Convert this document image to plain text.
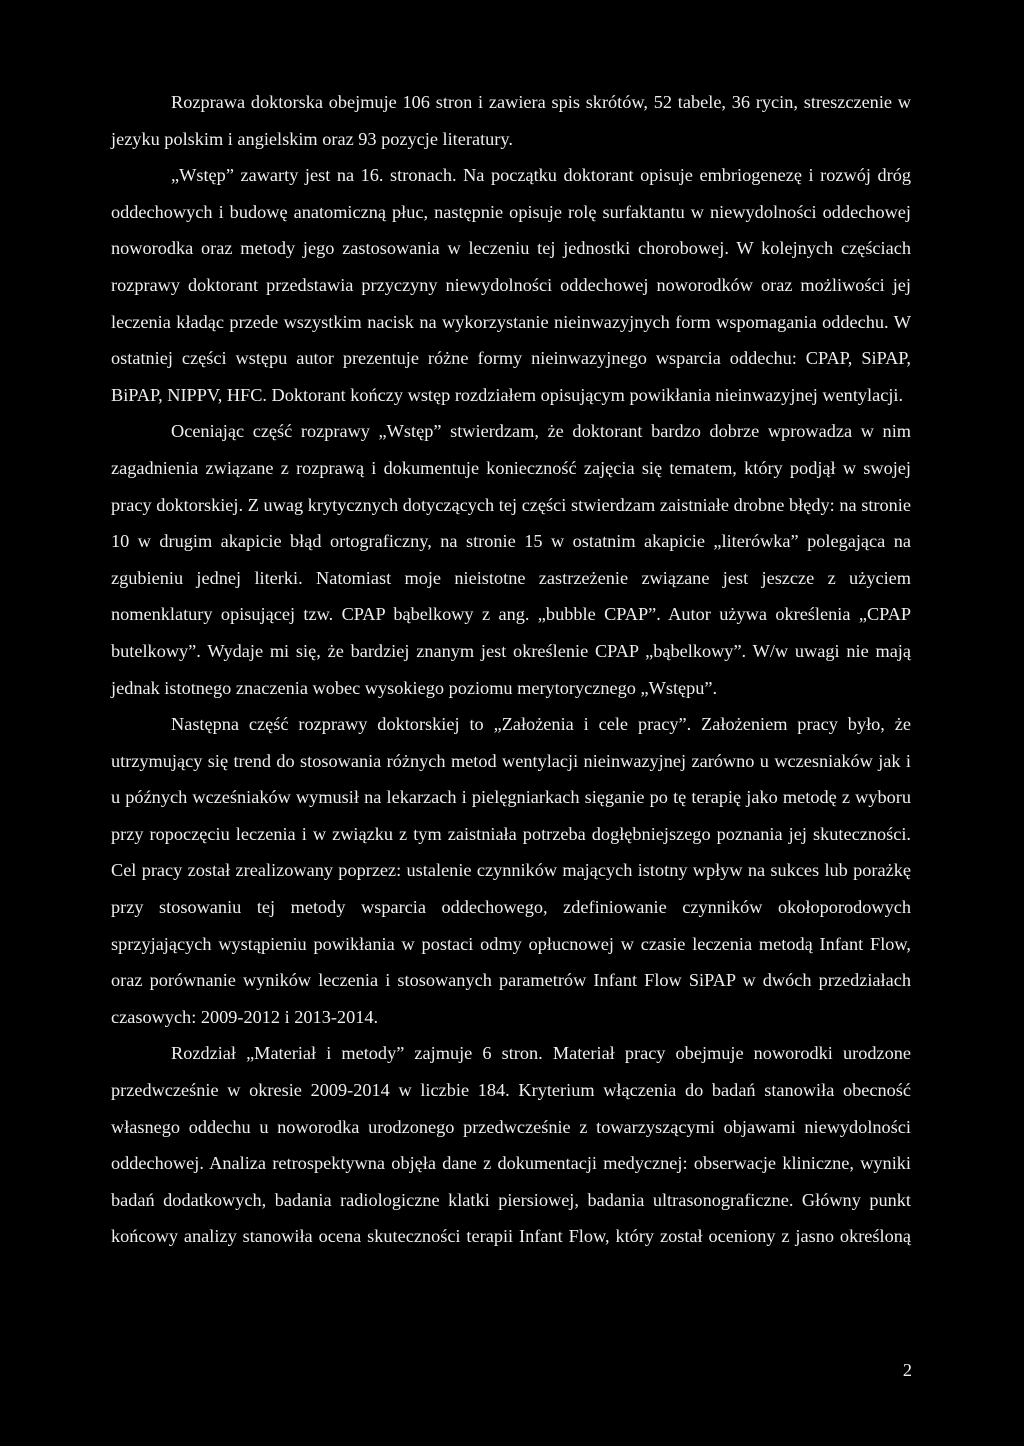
Rozprawa doktorska obejmuje 106 stron i zawiera spis skrótów, 52 tabele, 36 rycin, streszczenie w jezyku polskim i angielskim oraz 93 pozycje literatury.

„Wstęp” zawarty jest na 16. stronach. Na początku doktorant opisuje embriogenezę i rozwój dróg oddechowych i budowę anatomiczną płuc, następnie opisuje rolę surfaktantu w niewydolności oddechowej noworodka oraz metody jego zastosowania w leczeniu tej jednostki chorobowej. W kolejnych częściach rozprawy doktorant przedstawia przyczyny niewydolności oddechowej noworodków oraz możliwości jej leczenia kładąc przede wszystkim nacisk na wykorzystanie nieinwazyjnych form wspomagania oddechu. W ostatniej części wstępu autor prezentuje różne formy nieinwazyjnego wsparcia oddechu: CPAP, SiPAP, BiPAP, NIPPV, HFC. Doktorant kończy wstęp rozdziałem opisującym powikłania nieinwazyjnej wentylacji.

Oceniając część rozprawy „Wstęp” stwierdzam, że doktorant bardzo dobrze wprowadza w nim zagadnienia związane z rozprawą i dokumentuje konieczność zajęcia się tematem, który podjął w swojej pracy doktorskiej. Z uwag krytycznych dotyczących tej części stwierdzam zaistniałe drobne błędy: na stronie 10 w drugim akapicie błąd ortograficzny, na stronie 15 w ostatnim akapicie „literówka” polegająca na zgubieniu jednej literki. Natomiast moje nieistotne zastrzeżenie związane jest jeszcze z użyciem nomenklatury opisującej tzw. CPAP bąbelkowy z ang. „bubble CPAP”. Autor używa określenia „CPAP butelkowy”. Wydaje mi się, że bardziej znanym jest określenie CPAP „bąbelkowy”. W/w uwagi nie mają jednak istotnego znaczenia wobec wysokiego poziomu merytorycznego „Wstępu”.

Następna część rozprawy doktorskiej to „Założenia i cele pracy”. Założeniem pracy było, że utrzymujący się trend do stosowania różnych metod wentylacji nieinwazyjnej zarówno u wczesniaków jak i u późnych wcześniaków wymusił na lekarzach i pielęgniarkach sięganie po tę terapię jako metodę z wyboru przy ropoczęciu leczenia i w związku z tym zaistniała potrzeba dogłębniejszego poznania jej skuteczności. Cel pracy został zrealizowany poprzez: ustalenie czynników mających istotny wpływ na sukces lub porażkę przy stosowaniu tej metody wsparcia oddechowego, zdefiniowanie czynników okołoporodowych sprzyjających wystąpieniu powikłania w postaci odmy opłucnowej w czasie leczenia metodą Infant Flow, oraz porównanie wyników leczenia i stosowanych parametrów Infant Flow SiPAP w dwóch przedziałach czasowych: 2009-2012 i 2013-2014.

Rozdział „Materiał i metody” zajmuje 6 stron. Materiał pracy obejmuje noworodki urodzone przedwcześnie w okresie 2009-2014 w liczbie 184. Kryterium włączenia do badań stanowiła obecność własnego oddechu u noworodka urodzonego przedwcześnie z towarzyszącymi objawami niewydolności oddechowej. Analiza retrospektywna objęła dane z dokumentacji medycznej: obserwacje kliniczne, wyniki badań dodatkowych, badania radiologiczne klatki piersiowej, badania ultrasonograficzne. Główny punkt końcowy analizy stanowiła ocena skuteczności terapii Infant Flow, który został oceniony z jasno określoną

2
